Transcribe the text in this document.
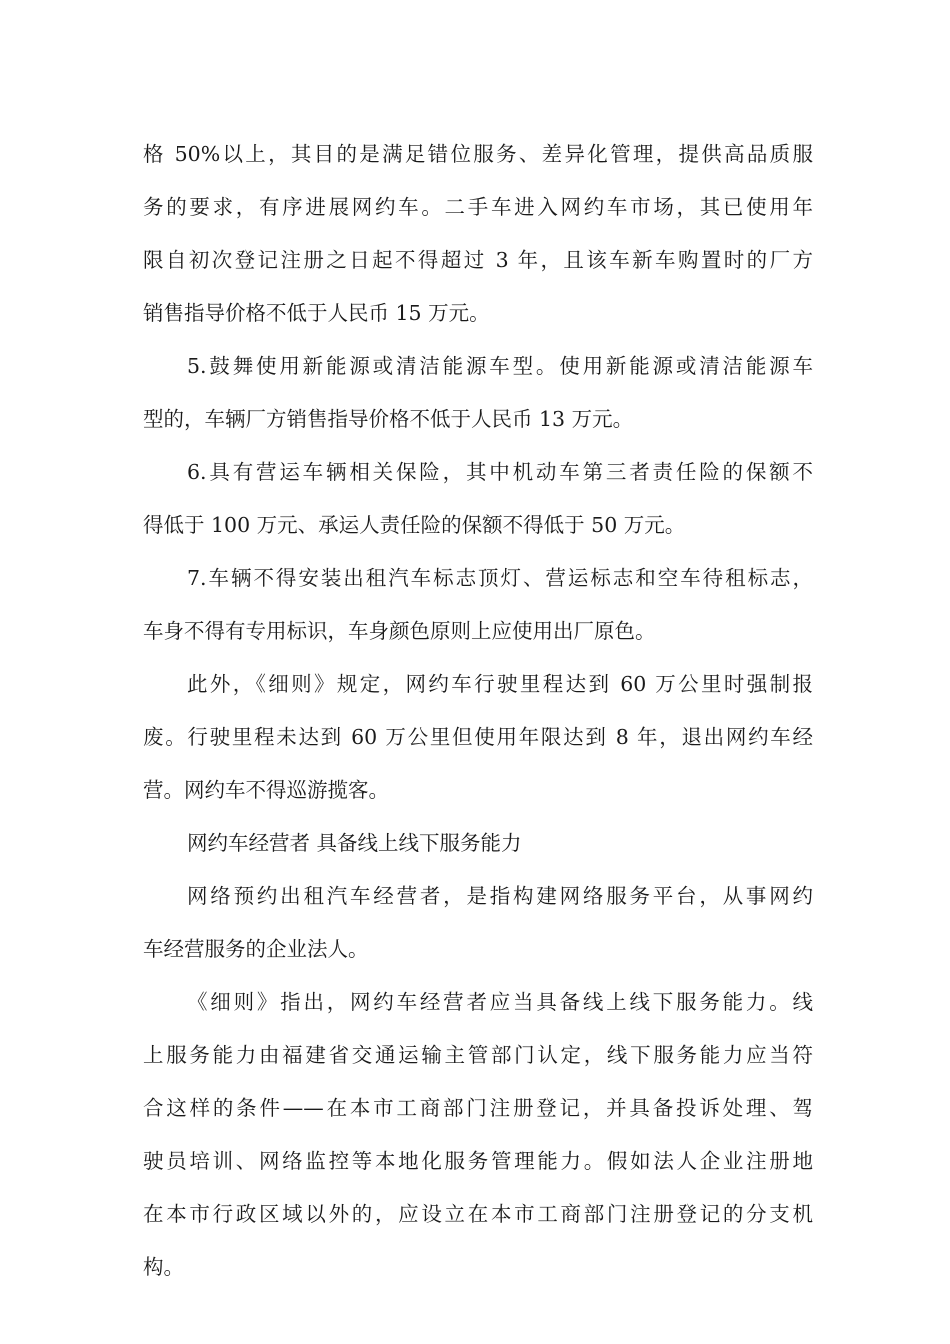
格 50%以上，其目的是满足错位服务、差异化管理，提供高品质服
务的要求，有序进展网约车。二手车进入网约车市场，其已使用年
限自初次登记注册之日起不得超过 3 年，且该车新车购置时的厂方
销售指导价格不低于人民币 15 万元。
5.鼓舞使用新能源或清洁能源车型。使用新能源或清洁能源车
型的，车辆厂方销售指导价格不低于人民币 13 万元。
6.具有营运车辆相关保险，其中机动车第三者责任险的保额不
得低于 100 万元、承运人责任险的保额不得低于 50 万元。
7.车辆不得安装出租汽车标志顶灯、营运标志和空车待租标志，
车身不得有专用标识，车身颜色原则上应使用出厂原色。
此外，《细则》规定，网约车行驶里程达到 60 万公里时强制报
废。行驶里程未达到 60 万公里但使用年限达到 8 年，退出网约车经
营。网约车不得巡游揽客。
网约车经营者 具备线上线下服务能力
网络预约出租汽车经营者，是指构建网络服务平台，从事网约
车经营服务的企业法人。
《细则》指出，网约车经营者应当具备线上线下服务能力。线
上服务能力由福建省交通运输主管部门认定，线下服务能力应当符
合这样的条件——在本市工商部门注册登记，并具备投诉处理、驾
驶员培训、网络监控等本地化服务管理能力。假如法人企业注册地
在本市行政区域以外的，应设立在本市工商部门注册登记的分支机
构。
